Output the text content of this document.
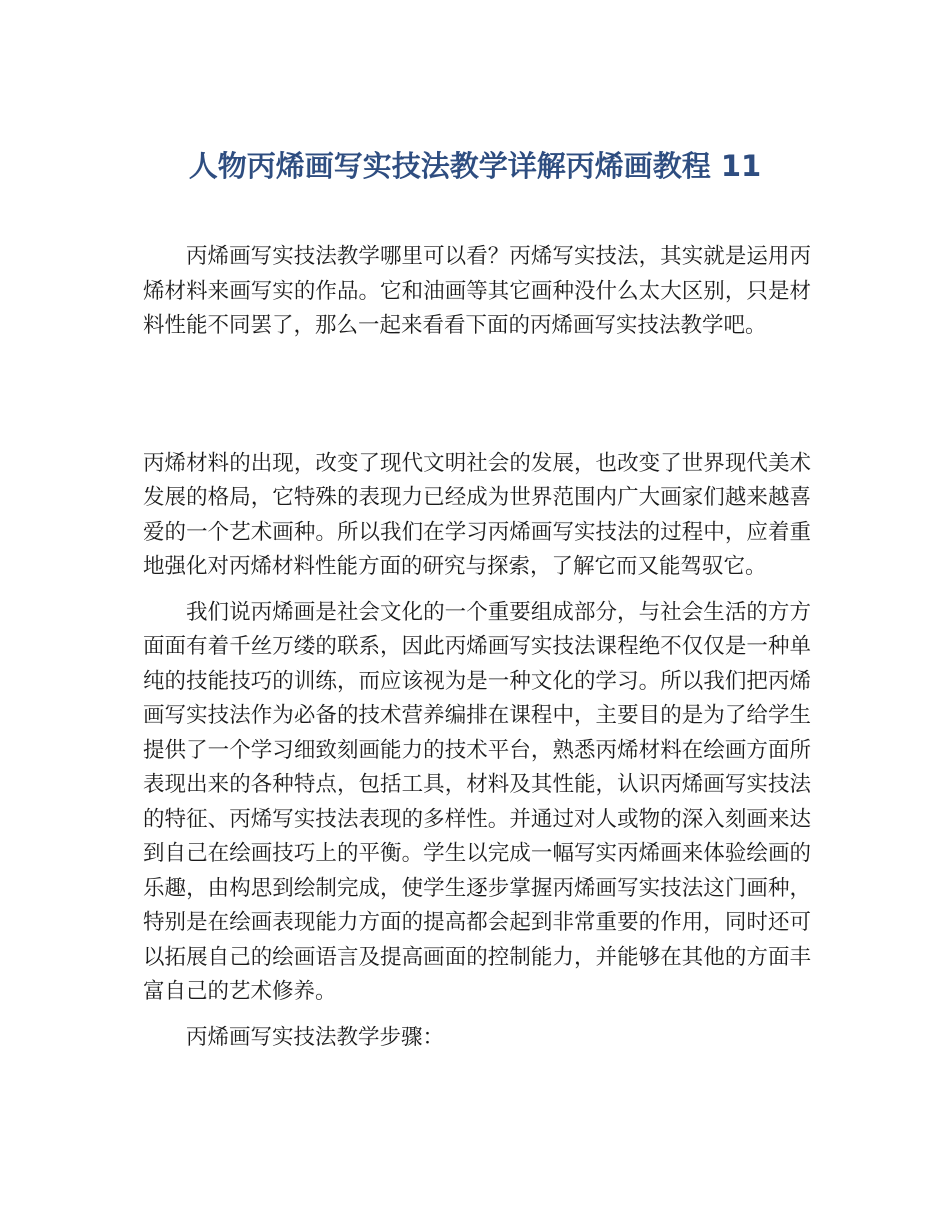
人物丙烯画写实技法教学详解丙烯画教程 11

丙烯画写实技法教学哪里可以看？丙烯写实技法，其实就是运用丙烯材料来画写实的作品。它和油画等其它画种没什么太大区别，只是材料性能不同罢了，那么一起来看看下面的丙烯画写实技法教学吧。

丙烯材料的出现，改变了现代文明社会的发展，也改变了世界现代美术发展的格局，它特殊的表现力已经成为世界范围内广大画家们越来越喜爱的一个艺术画种。所以我们在学习丙烯画写实技法的过程中，应着重地强化对丙烯材料性能方面的研究与探索，了解它而又能驾驭它。

我们说丙烯画是社会文化的一个重要组成部分，与社会生活的方方面面有着千丝万缕的联系，因此丙烯画写实技法课程绝不仅仅是一种单纯的技能技巧的训练，而应该视为是一种文化的学习。所以我们把丙烯画写实技法作为必备的技术营养编排在课程中，主要目的是为了给学生提供了一个学习细致刻画能力的技术平台，熟悉丙烯材料在绘画方面所表现出来的各种特点，包括工具，材料及其性能，认识丙烯画写实技法的特征、丙烯写实技法表现的多样性。并通过对人或物的深入刻画来达到自己在绘画技巧上的平衡。学生以完成一幅写实丙烯画来体验绘画的乐趣，由构思到绘制完成，使学生逐步掌握丙烯画写实技法这门画种，特别是在绘画表现能力方面的提高都会起到非常重要的作用，同时还可以拓展自己的绘画语言及提高画面的控制能力，并能够在其他的方面丰富自己的艺术修养。

丙烯画写实技法教学步骤：
